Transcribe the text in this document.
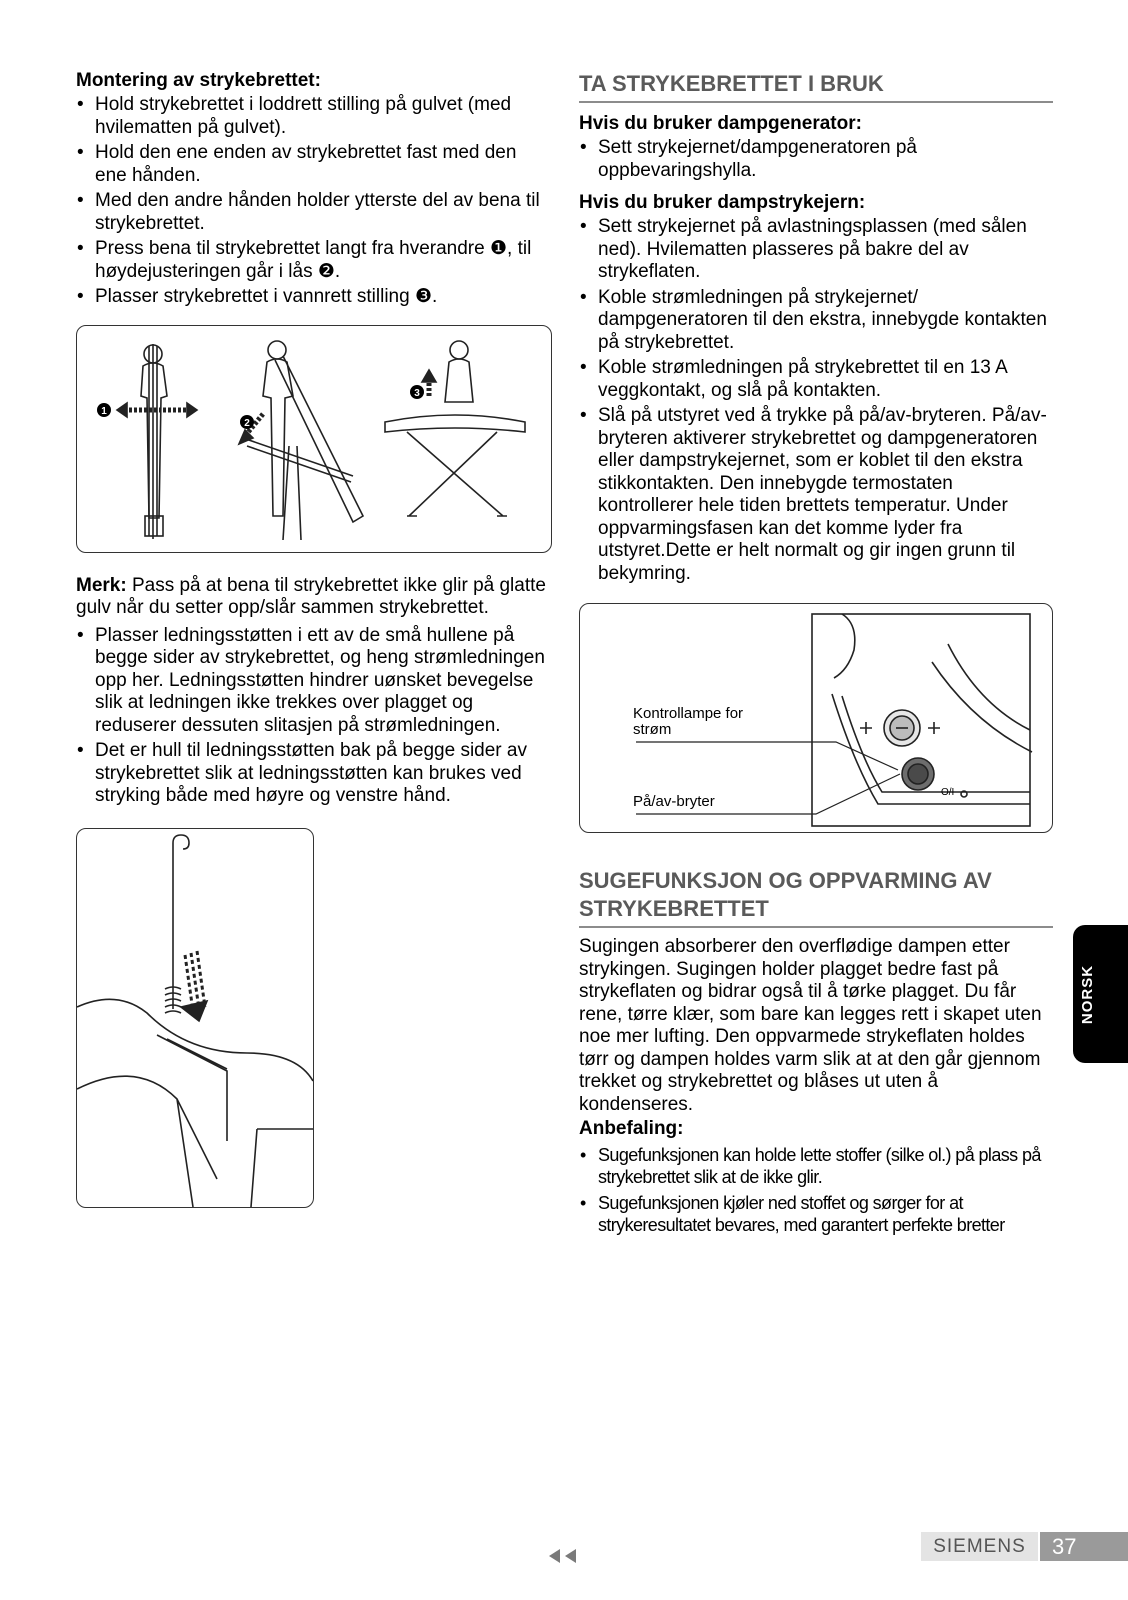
Montering av strykebrettet:
• Hold strykebrettet i loddrett stilling på gulvet (med hvilematten på gulvet).
• Hold den ene enden av strykebrettet fast med den ene hånden.
• Med den andre hånden holder ytterste del av bena til strykebrettet.
• Press bena til strykebrettet langt fra hverandre ❶, til høydejusteringen går i lås ❷.
• Plasser strykebrettet i vannrett stilling ❸.
1
2
3

Merk: Pass på at bena til strykebrettet ikke glir på glatte gulv når du setter opp/slår sammen strykebrettet.

• Plasser ledningsstøtten i ett av de små hullene på begge sider av strykebrettet, og heng strømledningen opp her. Ledningsstøtten hindrer uønsket bevegelse slik at ledningen ikke trekkes over plagget og reduserer dessuten slitasjen på strømledningen.
• Det er hull til ledningsstøtten bak på begge sider av strykebrettet slik at ledningsstøtten kan brukes ved stryking både med høyre og venstre hånd.
TA STRYKEBRETTET I BRUK
Hvis du bruker dampgenerator:
• Sett strykejernet/dampgeneratoren på oppbevaringshylla.
Hvis du bruker dampstrykejern:
• Sett strykejernet på avlastningsplassen (med sålen ned). Hvilematten plasseres på bakre del av strykeflaten.
• Koble strømledningen på strykejernet/ dampgeneratoren til den ekstra, innebygde kontakten på strykebrettet.
• Koble strømledningen på strykebrettet til en 13 A veggkontakt, og slå på kontakten.
• Slå på utstyret ved å trykke på på/av-bryteren. På/av-bryteren aktiverer strykebrettet og dampgeneratoren eller dampstrykejernet, som er koblet til den ekstra stikkontakten. Den innebygde termostaten kontrollerer hele tiden brettets temperatur. Under oppvarmingsfasen kan det komme lyder fra utstyret.Dette er helt normalt og gir ingen grunn til bekymring.
Kontrollampe for strøm
På/av-bryter
O/I
SUGEFUNKSJON OG OPPVARMING AV STRYKEBRETTET

Sugingen absorberer den overflødige dampen etter strykingen. Sugingen holder plagget bedre fast på strykeflaten og bidrar også til å tørke plagget. Du får rene, tørre klær, som bare kan legges rett i skapet uten noe mer lufting. Den oppvarmede strykeflaten holdes tørr og dampen holdes varm slik at at den går gjennom trekket og strykebrettet og blåses ut uten å kondenseres.

Anbefaling:
• Sugefunksjonen kan holde lette stoffer (silke ol.) på plass på strykebrettet slik at de ikke glir.
• Sugefunksjonen kjøler ned stoffet og sørger for at strykeresultatet bevares, med garantert perfekte bretter
NORSK
SIEMENS	37
